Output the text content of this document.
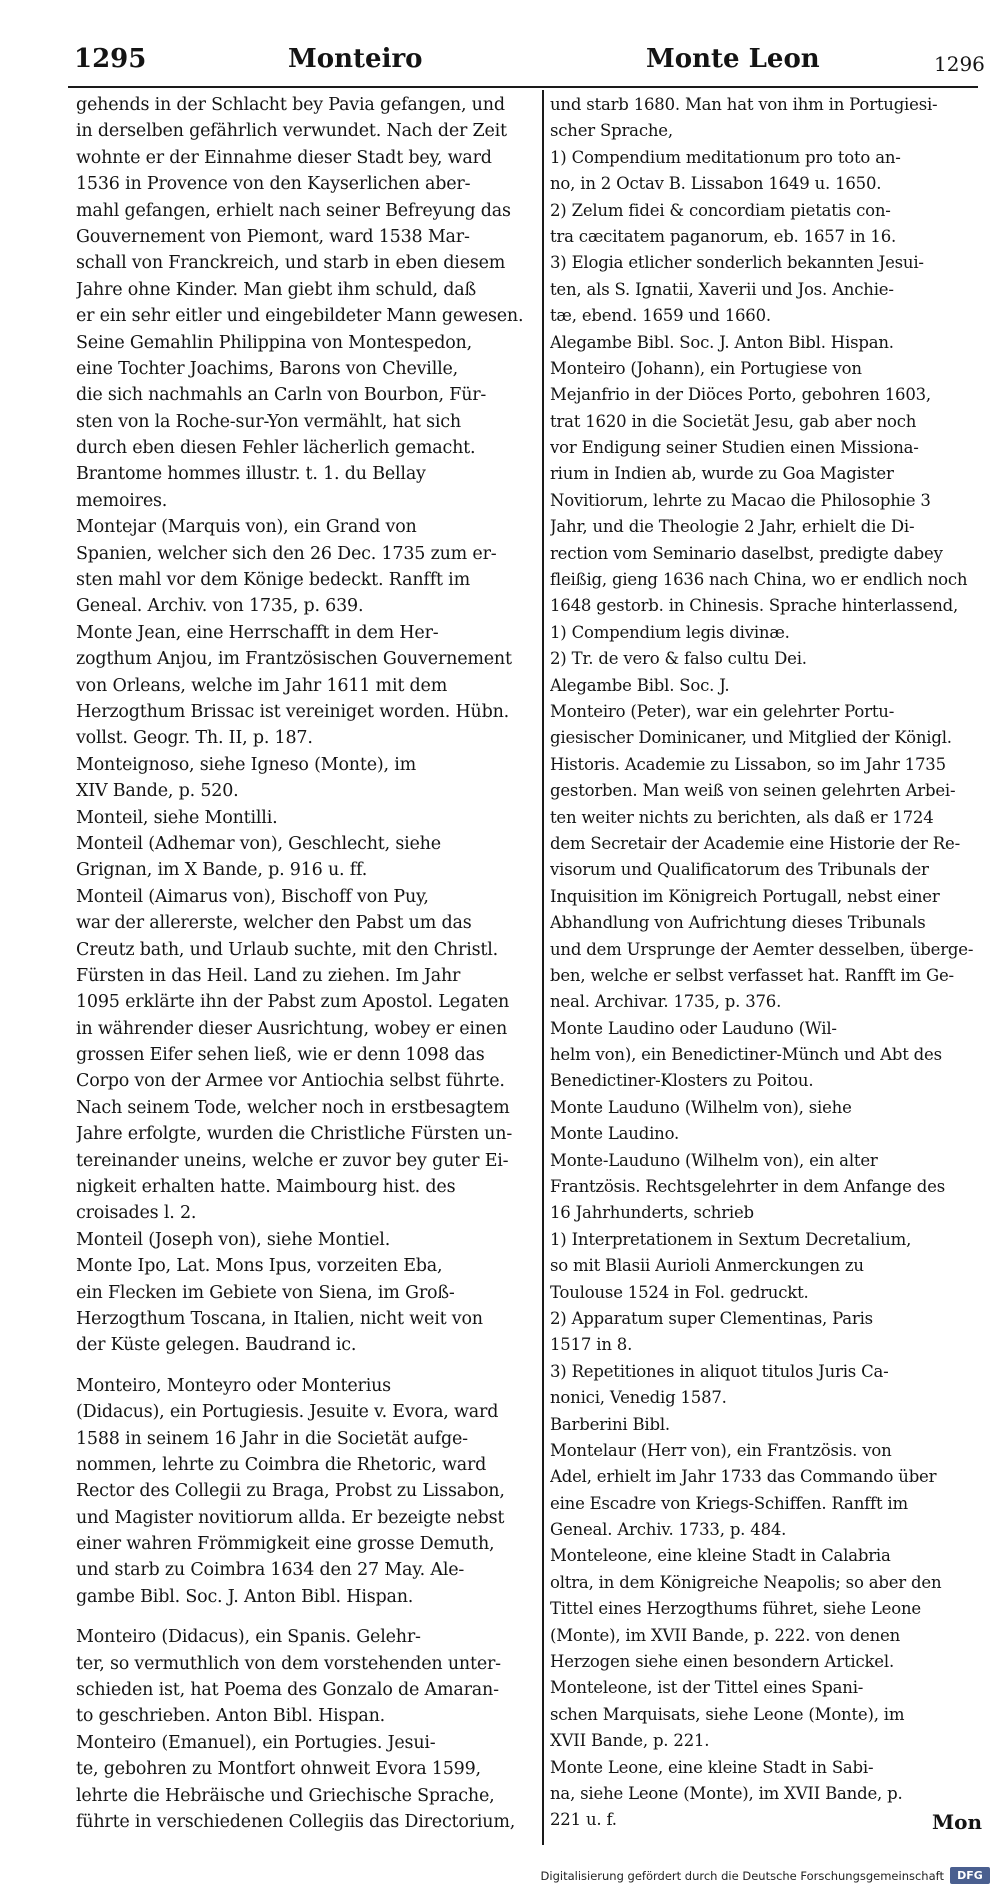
1295	Monteiro	Monte Leon	1296
gehends in der Schlacht bey Pavia gefangen, und
in derselben gefährlich verwundet. Nach der Zeit
wohnte er der Einnahme dieser Stadt bey, ward
1536 in Provence von den Kayserlichen aber-
mahl gefangen, erhielt nach seiner Befreyung das
Gouvernement von Piemont, ward 1538 Mar-
schall von Franckreich, und starb in eben diesem
Jahre ohne Kinder. Man giebt ihm schuld, daß
er ein sehr eitler und eingebildeter Mann gewesen.
Seine Gemahlin Philippina von Montespedon,
eine Tochter Joachims, Barons von Cheville,
die sich nachmahls an Carln von Bourbon, Für-
sten von la Roche-sur-Yon vermählt, hat sich
durch eben diesen Fehler lächerlich gemacht.
Brantome hommes illustr. t. 1. du Bellay
memoires.
Montejar (Marquis von), ein Grand von
Spanien, welcher sich den 26 Dec. 1735 zum er-
sten mahl vor dem Könige bedeckt. Ranfft im
Geneal. Archiv. von 1735, p. 639.
Monte Jean, eine Herrschafft in dem Her-
zogthum Anjou, im Frantzösischen Gouvernement
von Orleans, welche im Jahr 1611 mit dem
Herzogthum Brissac ist vereiniget worden. Hübn.
vollst. Geogr. Th. II, p. 187.
Monteignoso, siehe Igneso (Monte), im
XIV Bande, p. 520.
Monteil, siehe Montilli.
Monteil (Adhemar von), Geschlecht, siehe
Grignan, im X Bande, p. 916 u. ff.
Monteil (Aimarus von), Bischoff von Puy,
war der allererste, welcher den Pabst um das
Creutz bath, und Urlaub suchte, mit den Christl.
Fürsten in das Heil. Land zu ziehen. Im Jahr
1095 erklärte ihn der Pabst zum Apostol. Legaten
in währender dieser Ausrichtung, wobey er einen
grossen Eifer sehen ließ, wie er denn 1098 das
Corpo von der Armee vor Antiochia selbst führte.
Nach seinem Tode, welcher noch in erstbesagtem
Jahre erfolgte, wurden die Christliche Fürsten un-
tereinander uneins, welche er zuvor bey guter Ei-
nigkeit erhalten hatte. Maimbourg hist. des
croisades l. 2.
Monteil (Joseph von), siehe Montiel.
Monte Ipo, Lat. Mons Ipus, vorzeiten Eba,
ein Flecken im Gebiete von Siena, im Groß-
Herzogthum Toscana, in Italien, nicht weit von
der Küste gelegen. Baudrand ic.
Monteiro, Monteyro oder Monterius
(Didacus), ein Portugiesis. Jesuite v. Evora, ward
1588 in seinem 16 Jahr in die Societät aufge-
nommen, lehrte zu Coimbra die Rhetoric, ward
Rector des Collegii zu Braga, Probst zu Lissabon,
und Magister novitiorum allda. Er bezeigte nebst
einer wahren Frömmigkeit eine grosse Demuth,
und starb zu Coimbra 1634 den 27 May. Ale-
gambe Bibl. Soc. J. Anton Bibl. Hispan.
Monteiro (Didacus), ein Spanis. Gelehr-
ter, so vermuthlich von dem vorstehenden unter-
schieden ist, hat Poema des Gonzalo de Amaran-
to geschrieben. Anton Bibl. Hispan.
Monteiro (Emanuel), ein Portugies. Jesui-
te, gebohren zu Montfort ohnweit Evora 1599,
lehrte die Hebräische und Griechische Sprache,
führte in verschiedenen Collegiis das Directorium,
und starb 1680. Man hat von ihm in Portugiesi-
scher Sprache,
1) Compendium meditationum pro toto an-
no, in 2 Octav B. Lissabon 1649 u. 1650.
2) Zelum fidei & concordiam pietatis con-
tra cæcitatem paganorum, eb. 1657 in 16.
3) Elogia etlicher sonderlich bekannten Jesui-
ten, als S. Ignatii, Xaverii und Jos. Anchie-
tæ, ebend. 1659 und 1660.
Alegambe Bibl. Soc. J. Anton Bibl. Hispan.
Monteiro (Johann), ein Portugiese von
Mejanfrio in der Diöces Porto, gebohren 1603,
trat 1620 in die Societät Jesu, gab aber noch
vor Endigung seiner Studien einen Missiona-
rium in Indien ab, wurde zu Goa Magister
Novitiorum, lehrte zu Macao die Philosophie 3
Jahr, und die Theologie 2 Jahr, erhielt die Di-
rection vom Seminario daselbst, predigte dabey
fleißig, gieng 1636 nach China, wo er endlich noch
1648 gestorb. in Chinesis. Sprache hinterlassend,
1) Compendium legis divinæ.
2) Tr. de vero & falso cultu Dei.
Alegambe Bibl. Soc. J.
Monteiro (Peter), war ein gelehrter Portu-
giesischer Dominicaner, und Mitglied der Königl.
Historis. Academie zu Lissabon, so im Jahr 1735
gestorben. Man weiß von seinen gelehrten Arbei-
ten weiter nichts zu berichten, als daß er 1724
dem Secretair der Academie eine Historie der Re-
visorum und Qualificatorum des Tribunals der
Inquisition im Königreich Portugall, nebst einer
Abhandlung von Aufrichtung dieses Tribunals
und dem Ursprunge der Aemter desselben, überge-
ben, welche er selbst verfasset hat. Ranfft im Ge-
neal. Archivar. 1735, p. 376.
Monte Laudino oder Lauduno (Wil-
helm von), ein Benedictiner-Münch und Abt des
Benedictiner-Klosters zu Poitou.
Monte Lauduno (Wilhelm von), siehe
Monte Laudino.
Monte-Lauduno (Wilhelm von), ein alter
Frantzösis. Rechtsgelehrter in dem Anfange des
16 Jahrhunderts, schrieb
1) Interpretationem in Sextum Decretalium,
so mit Blasii Aurioli Anmerckungen zu
Toulouse 1524 in Fol. gedruckt.
2) Apparatum super Clementinas, Paris
1517 in 8.
3) Repetitiones in aliquot titulos Juris Ca-
nonici, Venedig 1587.
Barberini Bibl.
Montelaur (Herr von), ein Frantzösis. von
Adel, erhielt im Jahr 1733 das Commando über
eine Escadre von Kriegs-Schiffen. Ranfft im
Geneal. Archiv. 1733, p. 484.
Monteleone, eine kleine Stadt in Calabria
oltra, in dem Königreiche Neapolis; so aber den
Tittel eines Herzogthums führet, siehe Leone
(Monte), im XVII Bande, p. 222. von denen
Herzogen siehe einen besondern Artickel.
Monteleone, ist der Tittel eines Spani-
schen Marquisats, siehe Leone (Monte), im
XVII Bande, p. 221.
Monte Leone, eine kleine Stadt in Sabi-
na, siehe Leone (Monte), im XVII Bande, p.
221 u. f.	Mon
Digitalisierung gefördert durch die Deutsche Forschungsgemeinschaft	DFG
